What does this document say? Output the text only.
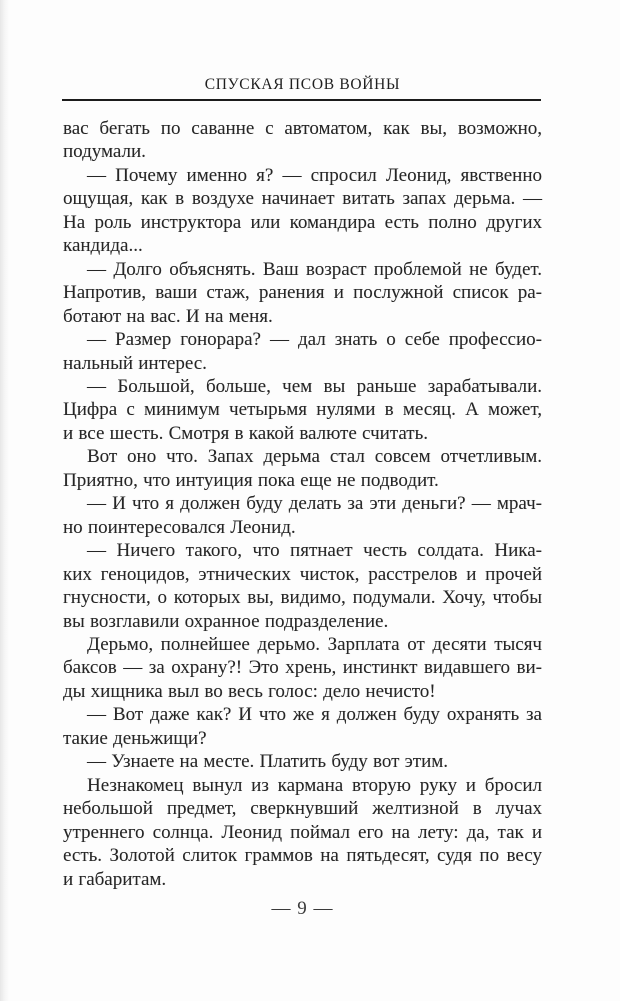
СПУСКАЯ ПСОВ ВОЙНЫ
вас бегать по саванне с автоматом, как вы, возможно,
подумали.
— Почему именно я? — спросил Леонид, явственно
ощущая, как в воздухе начинает витать запах дерьма. —
На роль инструктора или командира есть полно других
кандида...
— Долго объяснять. Ваш возраст проблемой не будет.
Напротив, ваши стаж, ранения и послужной список ра-
ботают на вас. И на меня.
— Размер гонорара? — дал знать о себе профессио-
нальный интерес.
— Большой, больше, чем вы раньше зарабатывали.
Цифра с минимум четырьмя нулями в месяц. А может,
и все шесть. Смотря в какой валюте считать.
Вот оно что. Запах дерьма стал совсем отчетливым.
Приятно, что интуиция пока еще не подводит.
— И что я должен буду делать за эти деньги? — мрач-
но поинтересовался Леонид.
— Ничего такого, что пятнает честь солдата. Ника-
ких геноцидов, этнических чисток, расстрелов и прочей
гнусности, о которых вы, видимо, подумали. Хочу, чтобы
вы возглавили охранное подразделение.
Дерьмо, полнейшее дерьмо. Зарплата от десяти тысяч
баксов — за охрану?! Это хрень, инстинкт видавшего ви-
ды хищника выл во весь голос: дело нечисто!
— Вот даже как? И что же я должен буду охранять за
такие деньжищи?
— Узнаете на месте. Платить буду вот этим.
Незнакомец вынул из кармана вторую руку и бросил
небольшой предмет, сверкнувший желтизной в лучах
утреннего солнца. Леонид поймал его на лету: да, так и
есть. Золотой слиток граммов на пятьдесят, судя по весу
и габаритам.
— 9 —
